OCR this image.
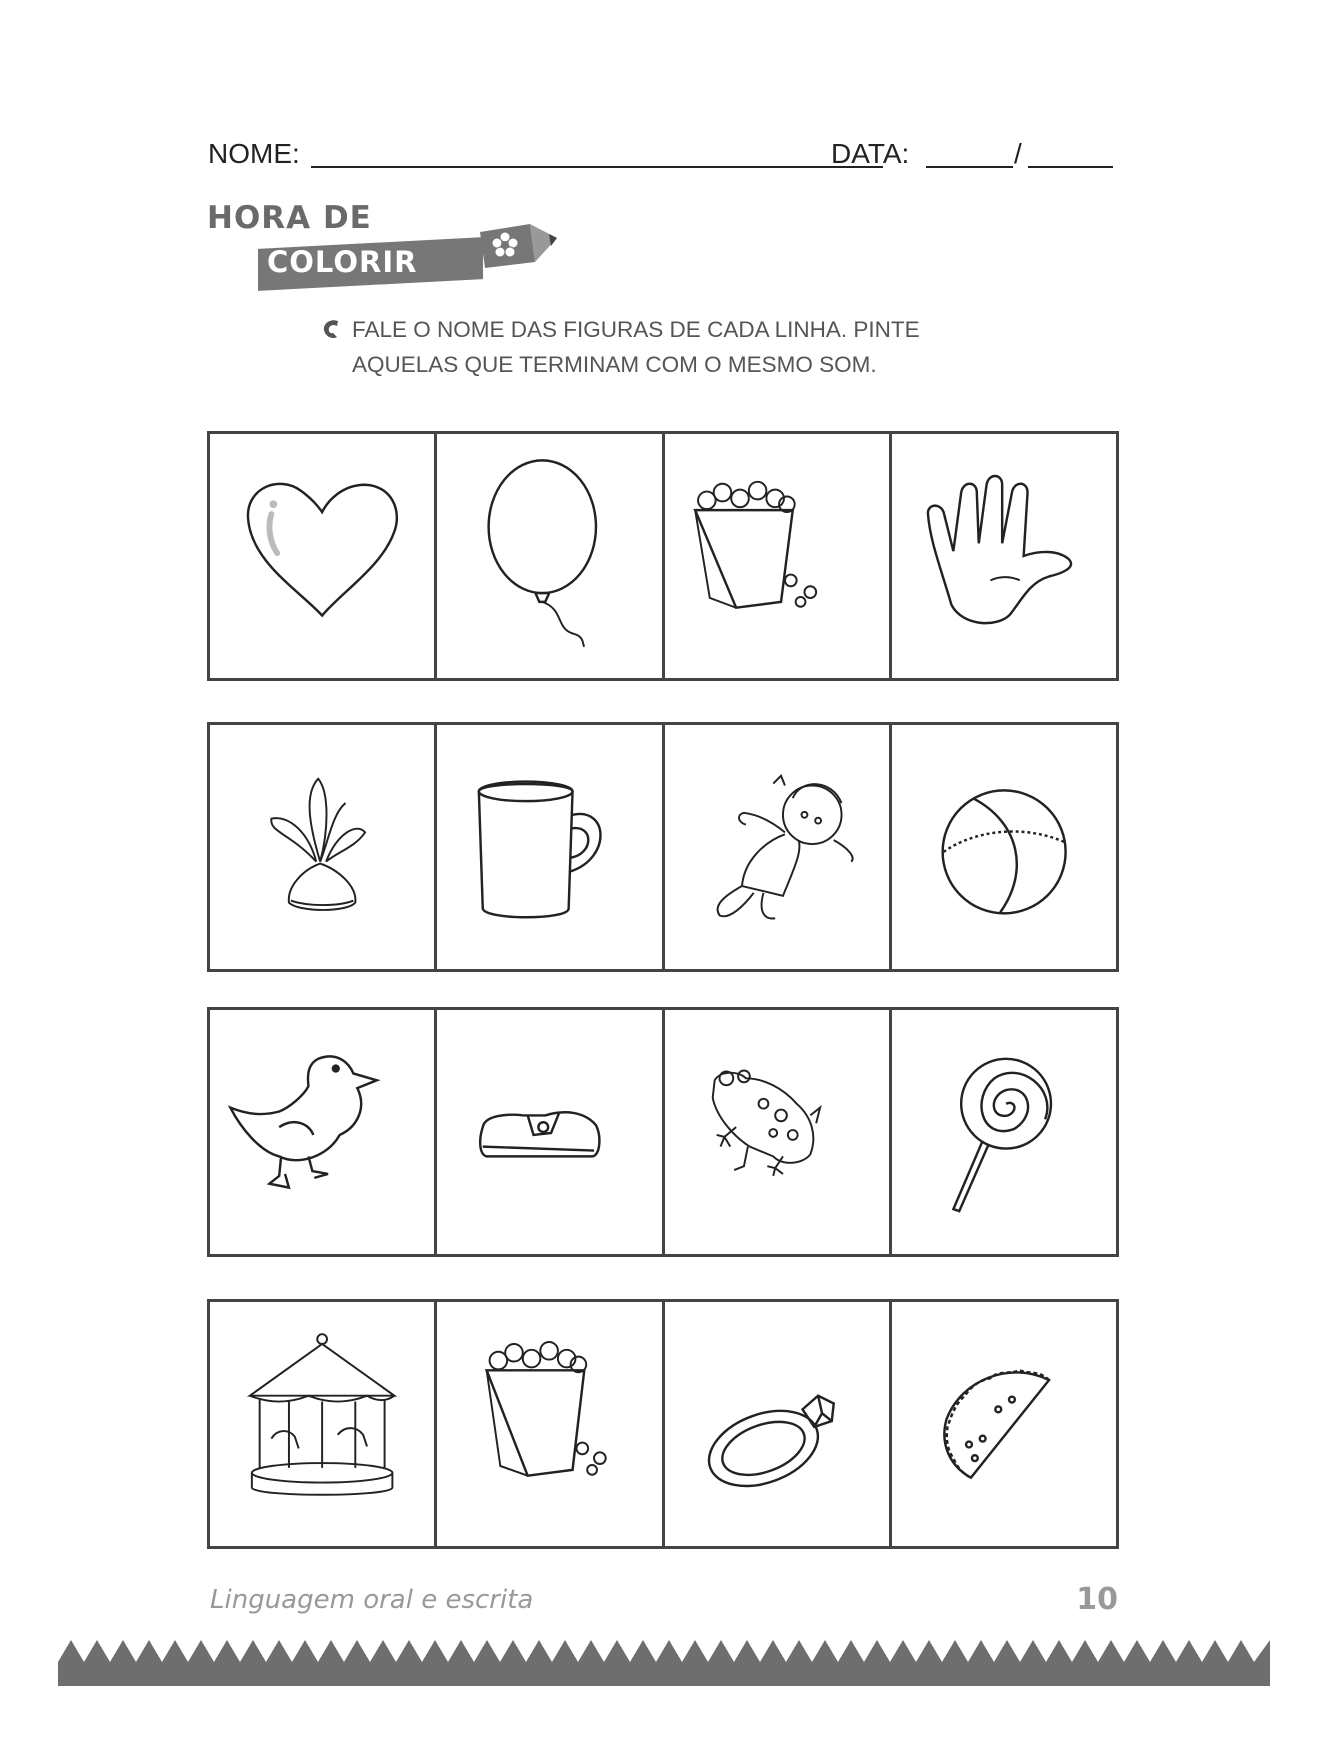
NOME:	DATA:	/
HORA DE
COLORIR
FALE O NOME DAS FIGURAS DE CADA LINHA. PINTE
AQUELAS QUE TERMINAM COM O MESMO SOM.
Linguagem oral e escrita	10
